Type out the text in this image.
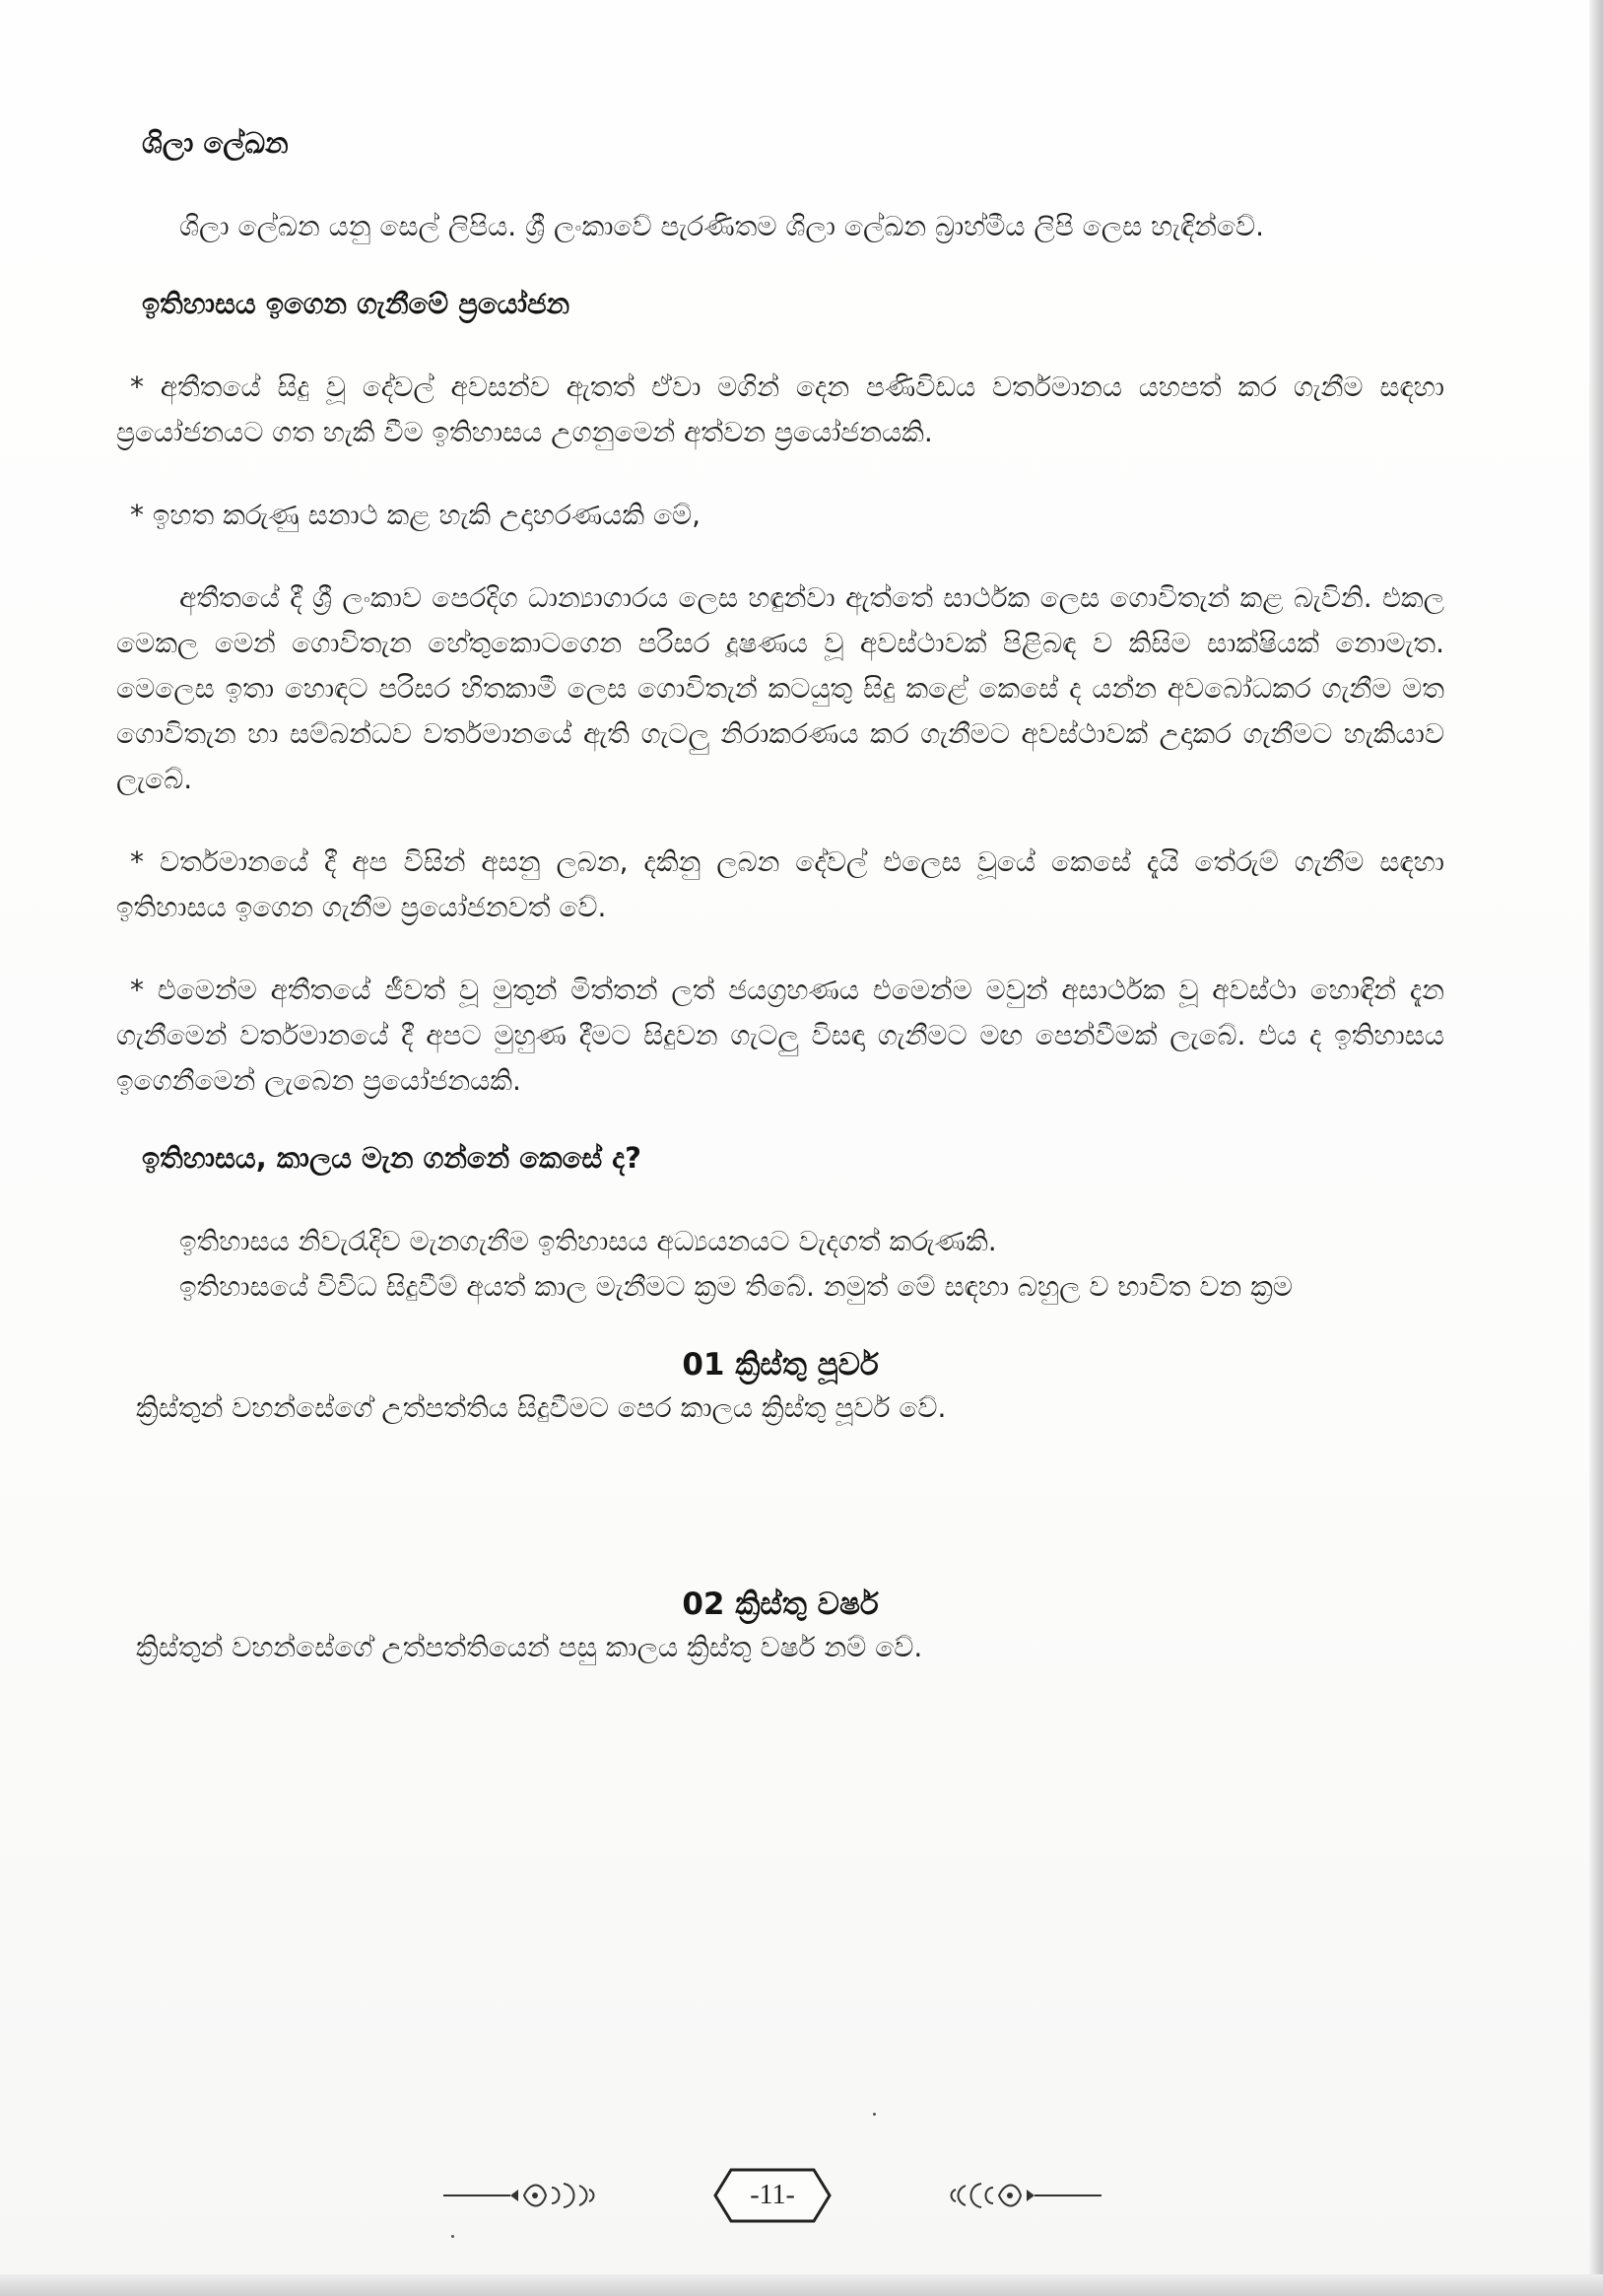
ශිලා ලේඛන

ශිලා ලේඛන යනු සෙල් ලිපිය. ශ්‍රී ලංකාවේ පැරණිතම ශිලා ලේඛන බ්‍රාහ්මීය ලිපි ලෙස හැඳින්වේ.

ඉතිහාසය ඉගෙන ගැනීමේ ප්‍රයෝජන

* අතීතයේ සිදු වූ දේවල් අවසන්ව ඇතත් ඒවා මගින් දෙන පණිවිඩය වර්තමානය යහපත් කර ගැනීම සඳහා ප්‍රයෝජනයට ගත හැකි වීම ඉතිහාසය උගනුමෙන් අත්වන ප්‍රයෝජනයකි.

* ඉහත කරුණු සනාථ කළ හැකි උදාහරණයකි මේ,

අතීතයේ දී ශ්‍රී ලංකාව පෙරදිග ධාන්‍යාගාරය ලෙස හඳුන්වා ඇත්තේ සාර්ථක ලෙස ගොවිතැන් කළ බැවිනි. එකල මෙකල මෙන් ගොවිතැන හේතුකොටගෙන පරිසර දූෂණය වූ අවස්ථාවක් පිළිබඳ ව කිසිම සාක්ෂියක් නොමැත. මෙලෙස ඉතා හොඳට පරිසර හිතකාමී ලෙස ගොවිතැන් කටයුතු සිදු කළේ කෙසේ ද යන්න අවබෝධකර ගැනීම මත ගොවිතැන හා සම්බන්ධව වර්තමානයේ ඇති ගැටලු නිරාකරණය කර ගැනීමට අවස්ථාවක් උදාකර ගැනීමට හැකියාව ලැබේ.

* වර්තමානයේ දී අප විසින් අසනු ලබන, දකිනු ලබන දේවල් එලෙස වූයේ කෙසේ දැයි තේරුම් ගැනීම සඳහා ඉතිහාසය ඉගෙන ගැනීම ප්‍රයෝජනවත් වේ.

* එමෙන්ම අතීතයේ ජීවත් වූ මුතුන් මිත්තන් ලත් ජයග්‍රහණය එමෙන්ම මවුන් අසාර්ථක වූ අවස්ථා හොඳින් දැන ගැනීමෙන් වර්තමානයේ දී අපට මුහුණ දීමට සිදුවන ගැටලු විසඳා ගැනීමට මඟ පෙන්වීමක් ලැබේ. එය ද ඉතිහාසය ඉගෙනීමෙන් ලැබෙන ප්‍රයෝජනයකි.

ඉතිහාසය, කාලය මැන ගන්නේ කෙසේ ද?

ඉතිහාසය නිවැරැදිව මැනගැනීම ඉතිහාසය අධ්‍යයනයට වැදගත් කරුණකි.

ඉතිහාසයේ විවිධ සිදුවීම් අයත් කාල මැනීමට ක්‍රම තිබේ. නමුත් මේ සඳහා බහුල ව භාවිත වන ක්‍රම

01 ක්‍රිස්තු පූර්ව

ක්‍රිස්තුන් වහන්සේගේ උත්පත්තිය සිදුවීමට පෙර කාලය ක්‍රිස්තු පූර්ව වේ.

02 ක්‍රිස්තු වර්ෂ

ක්‍රිස්තුන් වහන්සේගේ උත්පත්තියෙන් පසු කාලය ක්‍රිස්තු වර්ෂ නම් වේ.

-11-
